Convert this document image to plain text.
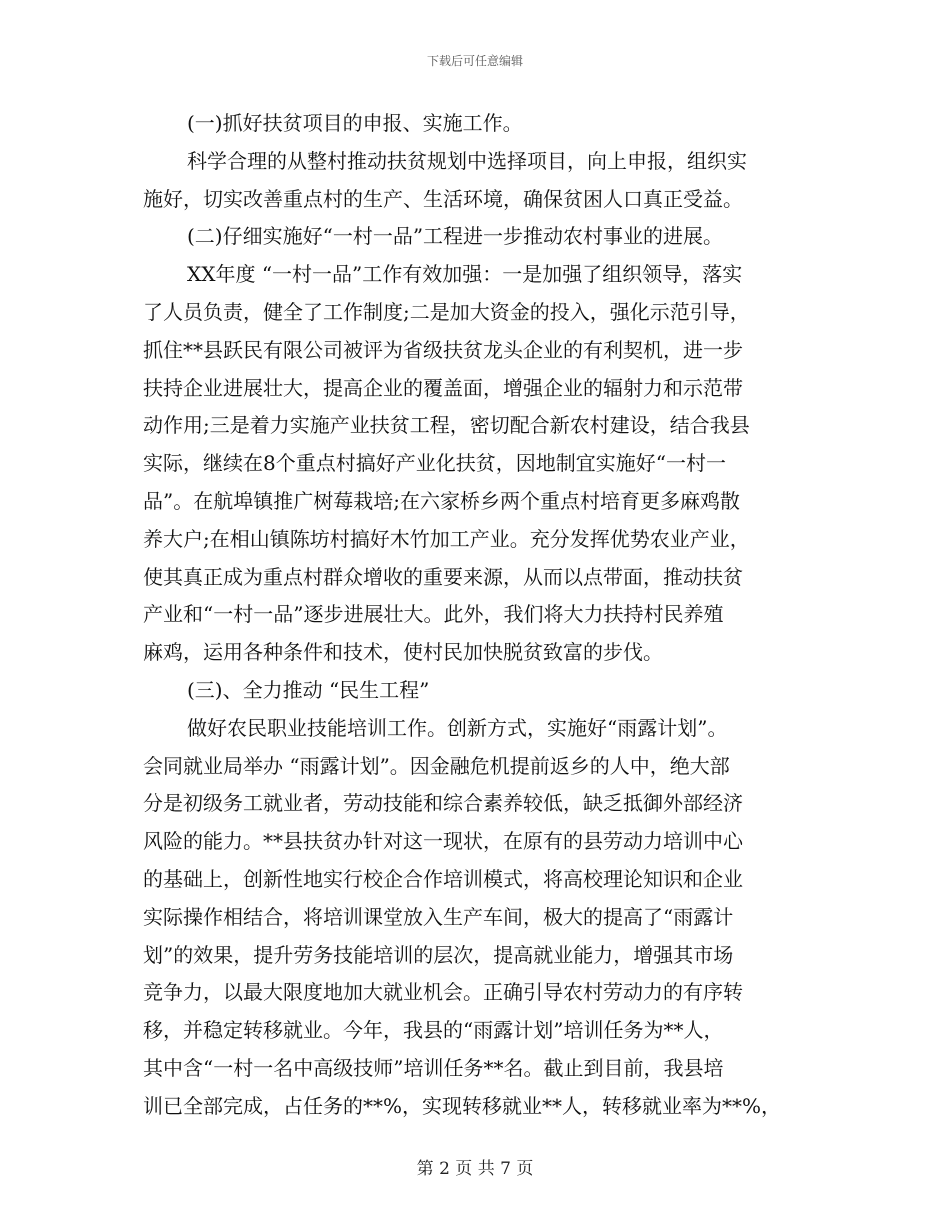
下载后可任意编辑
(一)抓好扶贫项目的申报、实施工作。
科学合理的从整村推动扶贫规划中选择项目，向上申报，组织实
施好，切实改善重点村的生产、生活环境，确保贫困人口真正受益。
(二)仔细实施好“一村一品”工程进一步推动农村事业的进展。
XX年度 “一村一品”工作有效加强：一是加强了组织领导，落实
了人员负责，健全了工作制度;二是加大资金的投入，强化示范引导，
抓住**县跃民有限公司被评为省级扶贫龙头企业的有利契机，进一步
扶持企业进展壮大，提高企业的覆盖面，增强企业的辐射力和示范带
动作用;三是着力实施产业扶贫工程，密切配合新农村建设，结合我县
实际，继续在8个重点村搞好产业化扶贫，因地制宜实施好“一村一
品”。在航埠镇推广树莓栽培;在六家桥乡两个重点村培育更多麻鸡散
养大户;在相山镇陈坊村搞好木竹加工产业。充分发挥优势农业产业，
使其真正成为重点村群众增收的重要来源，从而以点带面，推动扶贫
产业和“一村一品”逐步进展壮大。此外，我们将大力扶持村民养殖
麻鸡，运用各种条件和技术，使村民加快脱贫致富的步伐。
(三)、全力推动 “民生工程”
做好农民职业技能培训工作。创新方式，实施好“雨露计划”。
会同就业局举办 “雨露计划”。因金融危机提前返乡的人中，绝大部
分是初级务工就业者，劳动技能和综合素养较低，缺乏抵御外部经济
风险的能力。**县扶贫办针对这一现状，在原有的县劳动力培训中心
的基础上，创新性地实行校企合作培训模式，将高校理论知识和企业
实际操作相结合，将培训课堂放入生产车间，极大的提高了“雨露计
划”的效果，提升劳务技能培训的层次，提高就业能力，增强其市场
竞争力，以最大限度地加大就业机会。正确引导农村劳动力的有序转
移，并稳定转移就业。今年，我县的“雨露计划”培训任务为**人，
其中含“一村一名中高级技师”培训任务**名。截止到目前，我县培
训已全部完成，占任务的**%，实现转移就业**人，转移就业率为**%，
第 2 页 共 7 页
